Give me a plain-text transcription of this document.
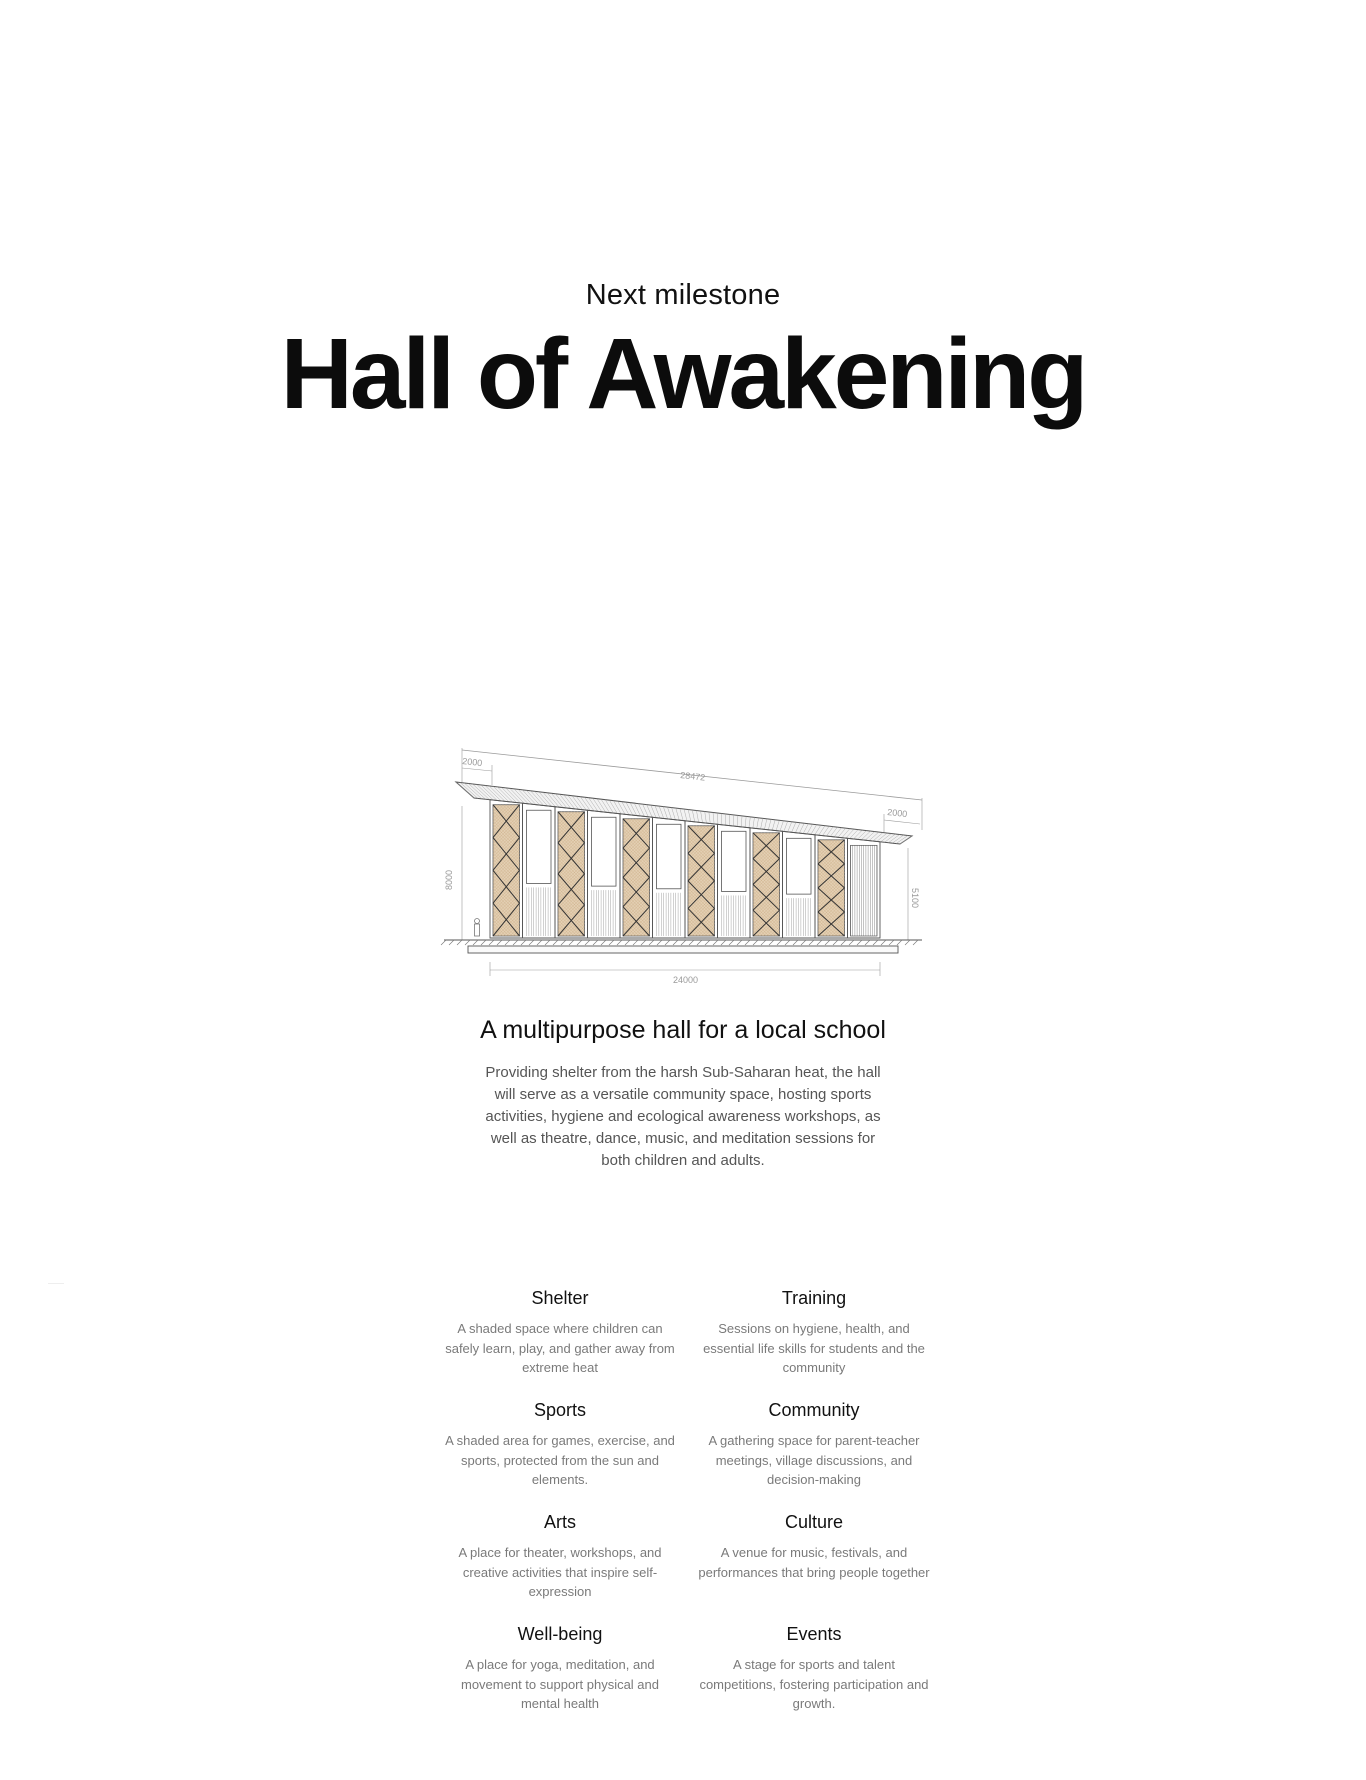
Next milestone
Hall of Awakening
2000
28472
2000
8000
5100
24000
A multipurpose hall for a local school

Providing shelter from the harsh Sub-Saharan heat, the hall will serve as a versatile community space, hosting sports activities, hygiene and ecological awareness workshops, as well as theatre, dance, music, and meditation sessions for both children and adults.

Shelter

A shaded space where children can safely learn, play, and gather away from extreme heat

Training

Sessions on hygiene, health, and essential life skills for students and the community

Sports

A shaded area for games, exercise, and sports, protected from the sun and elements.

Community

A gathering space for parent-teacher meetings, village discussions, and decision-making

Arts

A place for theater, workshops, and creative activities that inspire self-expression

Culture

A venue for music, festivals, and performances that bring people together

Well-being

A place for yoga, meditation, and movement to support physical and mental health

Events

A stage for sports and talent competitions, fostering participation and growth.
